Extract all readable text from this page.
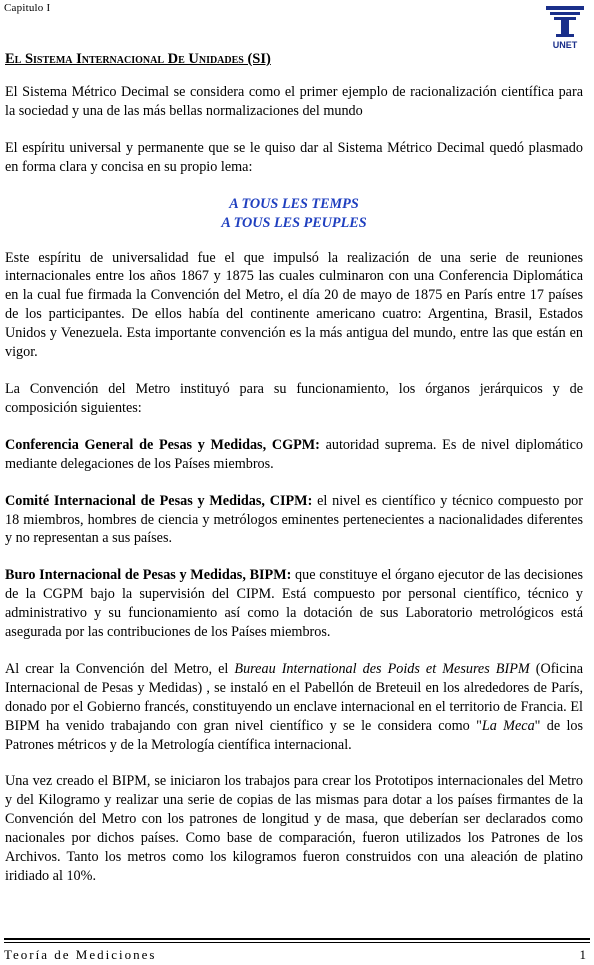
Capitulo I
UNET
El Sistema Internacional De Unidades (SI)

El Sistema Métrico Decimal se considera como el primer ejemplo de racionalización científica para la sociedad y una de las más bellas normalizaciones del mundo

El espíritu universal y permanente que se le quiso dar al Sistema Métrico Decimal quedó plasmado en forma clara y concisa en su propio lema:

A TOUS LES TEMPS
A TOUS LES PEUPLES

Este espíritu de universalidad fue el que impulsó la realización de una serie de reuniones internacionales entre los años 1867 y 1875 las cuales culminaron con una Conferencia Diplomática en la cual fue firmada la Convención del Metro, el día 20 de mayo de 1875 en París entre 17 países de los participantes. De ellos había del continente americano cuatro: Argentina, Brasil, Estados Unidos y Venezuela. Esta importante convención es la más antigua del mundo, entre las que están en vigor.

La Convención del Metro instituyó para su funcionamiento, los órganos jerárquicos y de composición siguientes:

Conferencia General de Pesas y Medidas, CGPM: autoridad suprema. Es de nivel diplomático mediante delegaciones de los Países miembros.

Comité Internacional de Pesas y Medidas, CIPM: el nivel es científico y técnico compuesto por 18 miembros, hombres de ciencia y metrólogos eminentes pertenecientes a nacionalidades diferentes y no representan a sus países.

Buro Internacional de Pesas y Medidas, BIPM: que constituye el órgano ejecutor de las decisiones de la CGPM bajo la supervisión del CIPM. Está compuesto por personal científico, técnico y administrativo y su funcionamiento así como la dotación de sus Laboratorio metrológicos está asegurada por las contribuciones de los Países miembros.

Al crear la Convención del Metro, el Bureau International des Poids et Mesures BIPM (Oficina Internacional de Pesas y Medidas) , se instaló en el Pabellón de Breteuil en los alrededores de París, donado por el Gobierno francés, constituyendo un enclave internacional en el territorio de Francia. El BIPM ha venido trabajando con gran nivel científico y se le considera como "La Meca" de los Patrones métricos y de la Metrología científica internacional.

Una vez creado el BIPM, se iniciaron los trabajos para crear los Prototipos internacionales del Metro y del Kilogramo y realizar una serie de copias de las mismas para dotar a los países firmantes de la Convención del Metro con los patrones de longitud y de masa, que deberían ser declarados como nacionales por dichos países. Como base de comparación, fueron utilizados los Patrones de los Archivos. Tanto los metros como los kilogramos fueron construidos con una aleación de platino iridiado al 10%.

Teoría de Mediciones	1
